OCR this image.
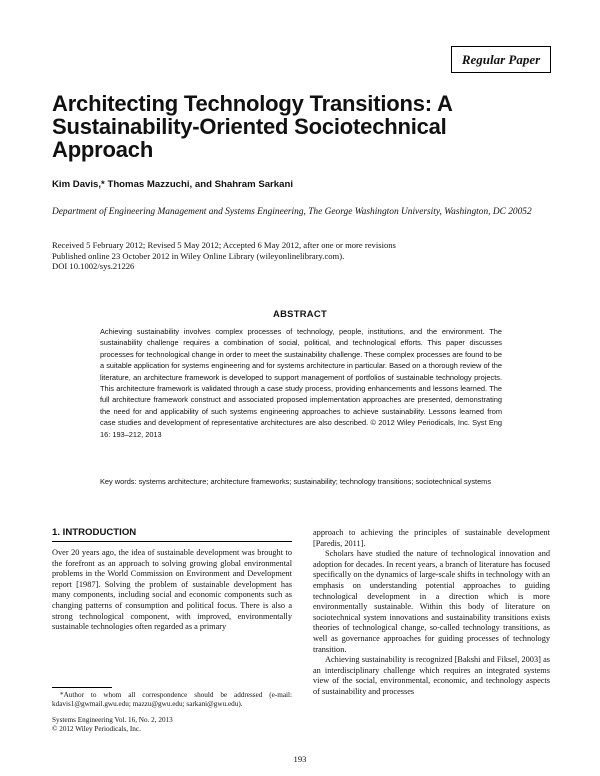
Regular Paper
Architecting Technology Transitions: A
Sustainability-Oriented Sociotechnical
Approach
Kim Davis,* Thomas Mazzuchi, and Shahram Sarkani
Department of Engineering Management and Systems Engineering, The George Washington University, Washington, DC 20052
Received 5 February 2012; Revised 5 May 2012; Accepted 6 May 2012, after one or more revisions
Published online 23 October 2012 in Wiley Online Library (wileyonlinelibrary.com).
DOI 10.1002/sys.21226
ABSTRACT
Achieving sustainability involves complex processes of technology, people, institutions, and the environment. The sustainability challenge requires a combination of social, political, and technological efforts. This paper discusses processes for technological change in order to meet the sustainability challenge. These complex processes are found to be a suitable application for systems engineering and for systems architecture in particular. Based on a thorough review of the literature, an architecture framework is developed to support management of portfolios of sustainable technology projects. This architecture framework is validated through a case study process, providing enhancements and lessons learned. The full architecture framework construct and associated proposed implementation approaches are presented, demonstrating the need for and applicability of such systems engineering approaches to achieve sustainability. Lessons learned from case studies and development of representative architectures are also described. © 2012 Wiley Periodicals, Inc. Syst Eng 16: 193–212, 2013
Key words: systems architecture; architecture frameworks; sustainability; technology transitions; sociotechnical systems
1. INTRODUCTION

Over 20 years ago, the idea of sustainable development was brought to the forefront as an approach to solving growing global environmental problems in the World Commission on Environment and Development report [1987]. Solving the problem of sustainable development has many components, including social and economic components such as changing patterns of consumption and political focus. There is also a strong technological component, with improved, environmentally sustainable technologies often regarded as a primary

approach to achieving the principles of sustainable development [Paredis, 2011].

Scholars have studied the nature of technological innovation and adoption for decades. In recent years, a branch of literature has focused specifically on the dynamics of large-scale shifts in technology with an emphasis on understanding potential approaches to guiding technological development in a direction which is more environmentally sustainable. Within this body of literature on sociotechnical system innovations and sustainability transitions exists theories of technological change, so-called technology transitions, as well as governance approaches for guiding processes of technology transition.

Achieving sustainability is recognized [Bakshi and Fiksel, 2003] as an interdisciplinary challenge which requires an integrated systems view of the social, environmental, economic, and technology aspects of sustainability and processes

*Author to whom all correspondence should be addressed (e-mail: kdavis1@gwmail.gwu.edu; mazzu@gwu.edu; sarkani@gwu.edu).

Systems Engineering Vol. 16, No. 2, 2013
© 2012 Wiley Periodicals, Inc.
193
